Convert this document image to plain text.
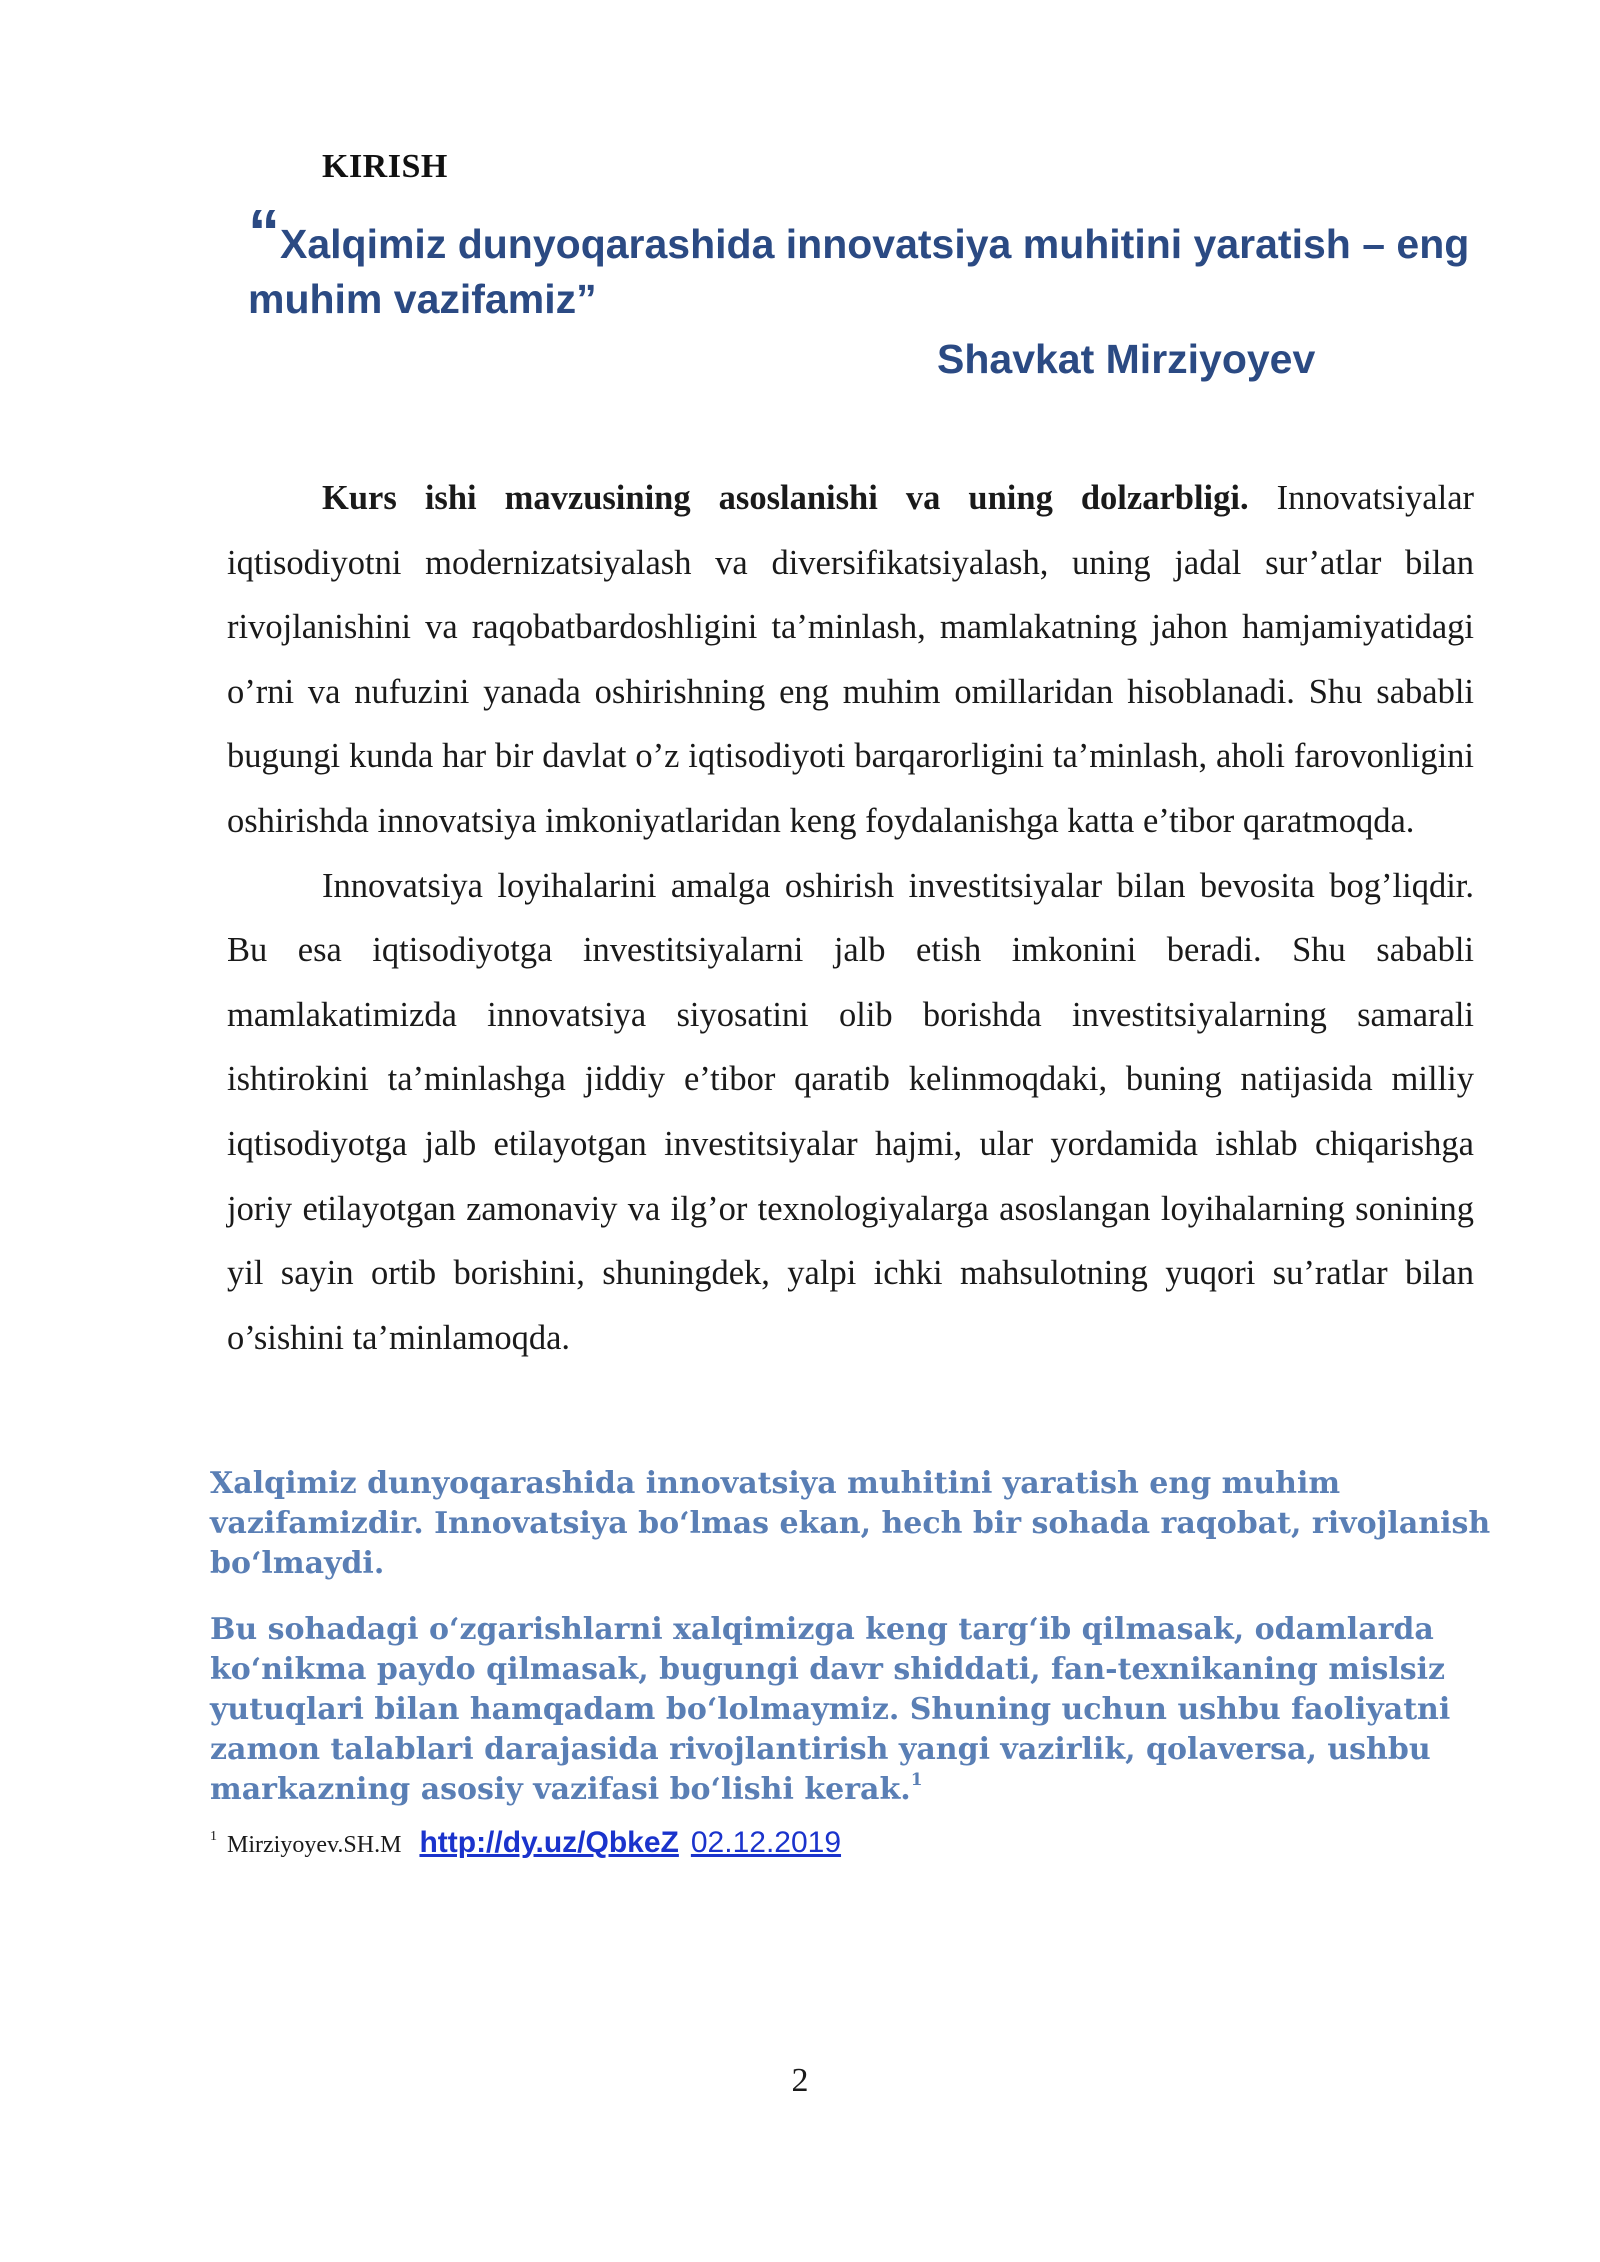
KIRISH
“Xalqimiz dunyoqarashida innovatsiya muhitini yaratish – eng muhim vazifamiz”
Shavkat Mirziyoyev

Kurs ishi mavzusining asoslanishi va uning dolzarbligi. Innovatsiyalar iqtisodiyotni modernizatsiyalash va diversifikatsiyalash, uning jadal sur’atlar bilan rivojlanishini va raqobatbardoshligini ta’minlash, mamlakatning jahon hamjamiyatidagi o’rni va nufuzini yanada oshirishning eng muhim omillaridan hisoblanadi. Shu sababli bugungi kunda har bir davlat o’z iqtisodiyoti barqarorligini ta’minlash, aholi farovonligini oshirishda innovatsiya imkoniyatlaridan keng foydalanishga katta e’tibor qaratmoqda.

Innovatsiya loyihalarini amalga oshirish investitsiyalar bilan bevosita bog’liqdir. Bu esa iqtisodiyotga investitsiyalarni jalb etish imkonini beradi. Shu sababli mamlakatimizda innovatsiya siyosatini olib borishda investitsiyalarning samarali ishtirokini ta’minlashga jiddiy e’tibor qaratib kelinmoqdaki, buning natijasida milliy iqtisodiyotga jalb etilayotgan investitsiyalar hajmi, ular yordamida ishlab chiqarishga joriy etilayotgan zamonaviy va ilg’or texnologiyalarga asoslangan loyihalarning sonining yil sayin ortib borishini, shuningdek, yalpi ichki mahsulotning yuqori su’ratlar bilan o’sishini ta’minlamoqda.

Xalqimiz dunyoqarashida innovatsiya muhitini yaratish eng muhim vazifamizdir. Innovatsiya boʻlmas ekan, hech bir sohada raqobat, rivojlanish boʻlmaydi.

Bu sohadagi oʻzgarishlarni xalqimizga keng targʻib qilmasak, odamlarda koʻnikma paydo qilmasak, bugungi davr shiddati, fan-texnikaning mislsiz yutuqlari bilan hamqadam boʻlolmaymiz. Shuning uchun ushbu faoliyatni zamon talablari darajasida rivojlantirish yangi vazirlik, qolaversa, ushbu markazning asosiy vazifasi boʻlishi kerak.$^1$

$^1$ Mirziyoyev.SH.M http://dy.uz/QbkeZ 02.12.2019
2
